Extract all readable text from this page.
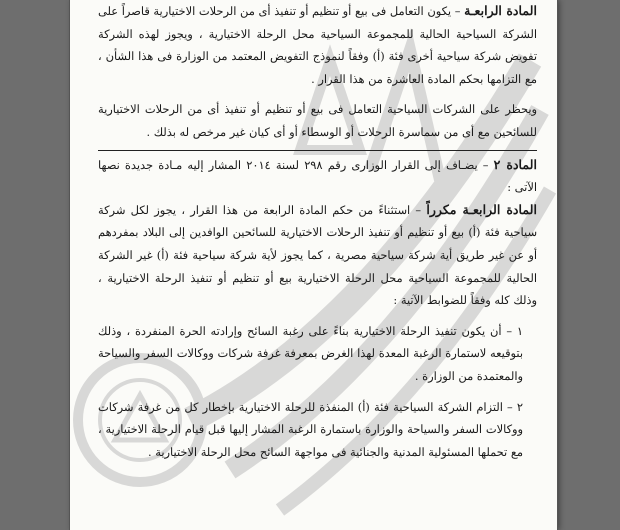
المادة الرابعـة – يكون التعامل فى بيع أو تنظيم أو تنفيذ أى من الرحلات الاختيارية قاصراً على الشركة السياحية الحالية للمجموعة السياحية محل الرحلة الاختيارية ، ويجوز لهذه الشركة تفويض شركة سياحية أخرى فئة (أ) وفقاً لنموذج التفويض المعتمد من الوزارة فى هذا الشأن ، مع التزامها بحكم المادة العاشرة من هذا القرار .

ويحظر على الشركات السياحية التعامل فى بيع أو تنظيم أو تنفيذ أى من الرحلات الاختيارية للسائحين مع أى من سماسرة الرحلات أو الوسطاء أو أى كيان غير مرخص له بذلك .

المادة ٢ – يضـاف إلى القرار الوزارى رقم ٢٩٨ لسنة ٢٠١٤ المشار إليه مـادة جديدة نصها الآتى :

المادة الرابعـة مكرراً – استثناءً من حكم المادة الرابعة من هذا القرار ، يجوز لكل شركة سياحية فئة (أ) بيع أو تنظيم أو تنفيذ الرحلات الاختيارية للسائحين الوافدين إلى البلاد بمفردهم أو عن غير طريق أية شركة سياحية مصرية ، كما يجوز لأية شركة سياحية فئة (أ) غير الشركة الحالية للمجموعة السياحية محل الرحلة الاختيارية بيع أو تنظيم أو تنفيذ الرحلة الاختيارية ، وذلك كله وفقاً للضوابط الآتية :

١ – أن يكون تنفيذ الرحلة الاختيارية بناءً على رغبة السائح وإرادته الحرة المنفردة ، وذلك بتوقيعه لاستمارة الرغبة المعدة لهذا الغرض بمعرفة غرفة شركات ووكالات السفر والسياحة والمعتمدة من الوزارة .

٢ – التزام الشركة السياحية فئة (أ) المنفذة للرحلة الاختيارية بإخطار كل من غرفة شركات ووكالات السفر والسياحة والوزارة باستمارة الرغبة المشار إليها قبل قيام الرحلة الاختيارية ، مع تحملها المسئولية المدنية والجنائية فى مواجهة السائح محل الرحلة الاختيارية .
